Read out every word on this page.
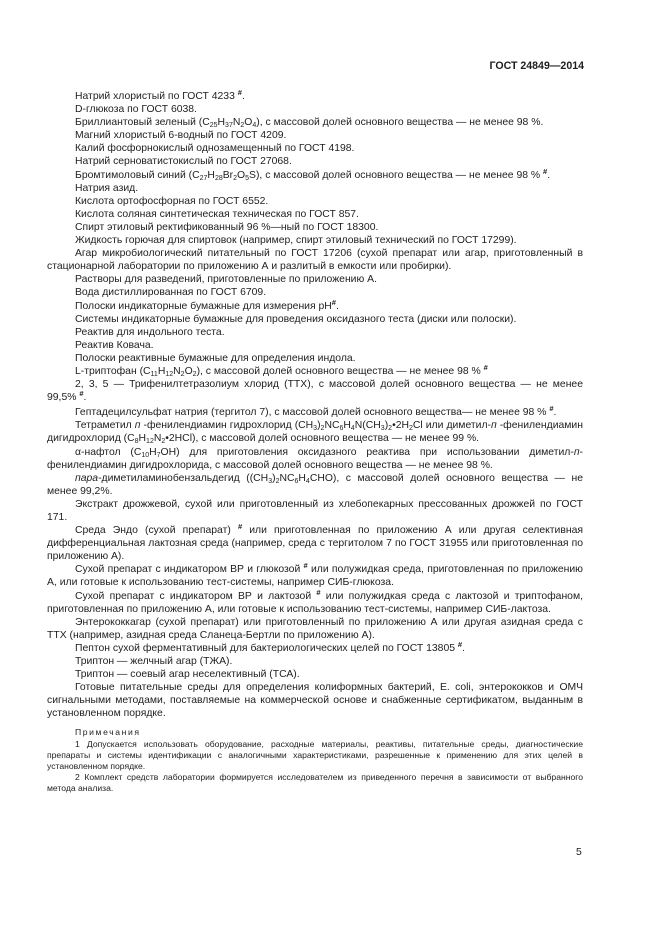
ГОСТ 24849—2014
Натрий хлористый по ГОСТ 4233 #.
D-глюкоза по ГОСТ 6038.
Бриллиантовый зеленый $(C_{25}H_{37}N_2O_4)$, с массовой долей основного вещества — не менее 98 %.
Магний хлористый 6-водный по ГОСТ 4209.
Калий фосфорнокислый однозамещенный по ГОСТ 4198.
Натрий серноватистокислый по ГОСТ 27068.
Бромтимоловый синий $(C_{27}H_{28}Br_2O_5S)$, с массовой долей основного вещества — не менее 98 % #.
Натрия азид.
Кислота ортофосфорная по ГОСТ 6552.
Кислота соляная синтетическая техническая по ГОСТ 857.
Спирт этиловый ректификованный 96 %—ный по ГОСТ 18300.
Жидкость горючая для спиртовок (например, спирт этиловый технический по ГОСТ 17299).
Агар микробиологический питательный по ГОСТ 17206 (сухой препарат или агар, приготовленный в стационарной лаборатории по приложению А и разлитый в емкости или пробирки).
Растворы для разведений, приготовленные по приложению А.
Вода дистиллированная по ГОСТ 6709.
Полоски индикаторные бумажные для измерения рН#.
Системы индикаторные бумажные для проведения оксидазного теста (диски или полоски).
Реактив для индольного теста.
Реактив Ковача.
Полоски реактивные бумажные для определения индола.
L-триптофан $(C_{11}H_{12}N_2O_2)$, с массовой долей основного вещества — не менее 98 % #
2, 3, 5 — Трифенилтетразолиум хлорид (ТТХ), с массовой долей основного вещества — не менее 99,5% #.
Гептадецилсульфат натрия (тергитол 7), с массовой долей основного вещества— не менее 98 % #.
Тетраметил п -фенилендиамин гидрохлорид $(CH_3)_2NC_6H_4N(CH_3)_2•2H_2Cl$ или диметил-п -фенилендиамин дигидрохлорид $(C_8H_{12}N_2•2HCl)$, с массовой долей основного вещества — не менее 99 %.
α-нафтол $(C_{10}H_7OH)$ для приготовления оксидазного реактива при использовании диметил-п-фенилендиамин дигидрохлорида, с массовой долей основного вещества — не менее 98 %.
пара-диметиламинобензальдегид $((CH_3)_2NC_6H_4CHO)$, с массовой долей основного вещества — не менее 99,2%.
Экстракт дрожжевой, сухой или приготовленный из хлебопекарных прессованных дрожжей по ГОСТ 171.
Среда Эндо (сухой препарат) # или приготовленная по приложению А или другая селективная дифференциальная лактозная среда (например, среда с тергитолом 7 по ГОСТ 31955 или приготовленная по приложению А).
Сухой препарат с индикатором ВР и глюкозой # или полужидкая среда, приготовленная по приложению А, или готовые к использованию тест-системы, например СИБ-глюкоза.
Сухой препарат с индикатором ВР и лактозой # или полужидкая среда с лактозой и триптофаном, приготовленная по приложению А, или готовые к использованию тест-системы, например СИБ-лактоза.
Энтерококкагар (сухой препарат) или приготовленный по приложению А или другая азидная среда с ТТХ (например, азидная среда Сланеца-Бертли по приложению А).
Пептон сухой ферментативный для бактериологических целей по ГОСТ 13805 #.
Триптон — желчный агар (ТЖА).
Триптон — соевый агар неселективный (ТСА).
Готовые питательные среды для определения колиформных бактерий, E. coli, энтерококков и ОМЧ сигнальными методами, поставляемые на коммерческой основе и снабженные сертификатом, выданным в установленном порядке.
Примечания
1 Допускается использовать оборудование, расходные материалы, реактивы, питательные среды, диагностические препараты и системы идентификации с аналогичными характеристиками, разрешенные к применению для этих целей в установленном порядке.
2 Комплект средств лаборатории формируется исследователем из приведенного перечня в зависимости от выбранного метода анализа.
5
